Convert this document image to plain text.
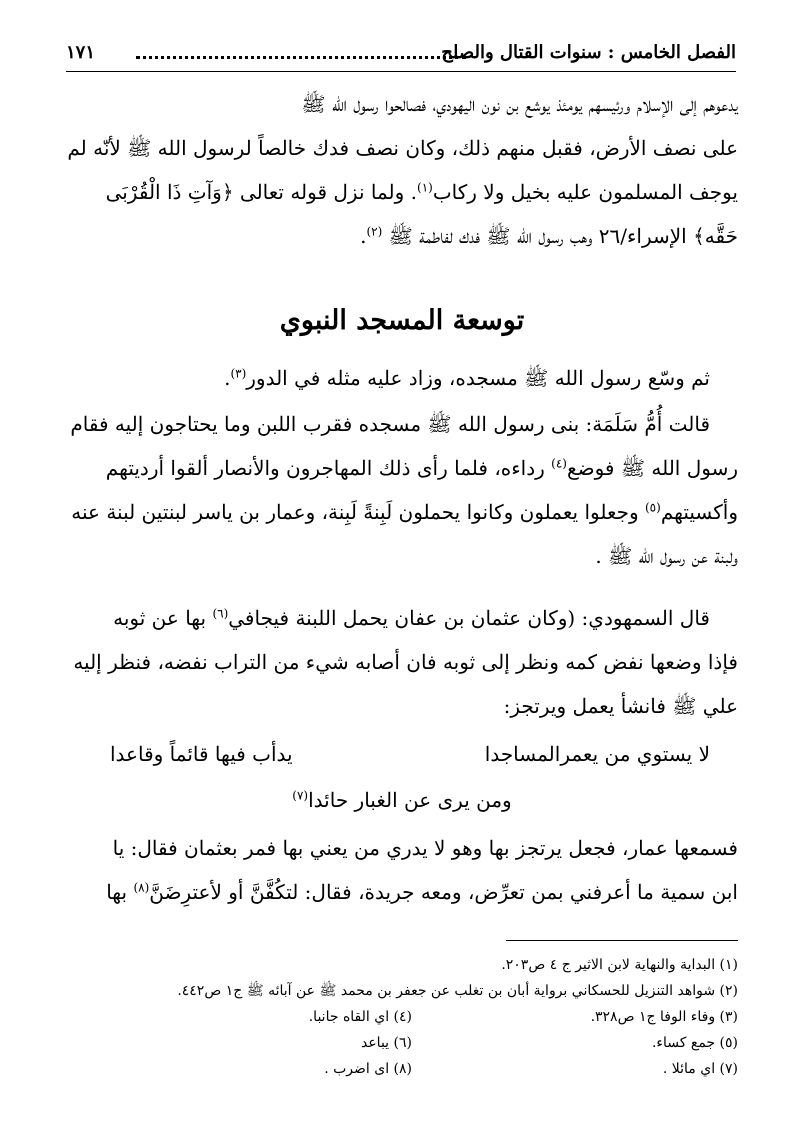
الفصل الخامس : سنوات القتال والصلح
١٧١
يدعوهم إلى الإسلام ورئيسهم يومئذ يوشع بن نون اليهودي، فصالحوا رسول الله ﷺ
على نصف الأرض، فقبل منهم ذلك، وكان نصف فدك خالصاً لرسول الله ﷺ لأنّه لم
يوجف المسلمون عليه بخيل ولا ركاب$^{(١)}$. ولما نزل قوله تعالى ﴿وَآتِ ذَا الْقُرْبَى
حَقَّه﴾ الإسراء/٢٦ وهب رسول الله ﷺ فدك لفاطمة ﷺ $^{(٢)}$.
توسعة المسجد النبوي
ثم وسّع رسول الله ﷺ مسجده، وزاد عليه مثله في الدور$^{(٣)}$.
قالت أُمُّ سَلَمَة: بنى رسول الله ﷺ مسجده فقرب اللبن وما يحتاجون إليه فقام
رسول الله ﷺ فوضع$^{(٤)}$ رداءه، فلما رأى ذلك المهاجرون والأنصار ألقوا أرديتهم
وأكسيتهم$^{(٥)}$ وجعلوا يعملون وكانوا يحملون لَبِنةً لَبِنة، وعمار بن ياسر لبنتين لبنة عنه
ولبنة عن رسول الله ﷺ .
قال السمهودي: (وكان عثمان بن عفان يحمل اللبنة فيجافي$^{(٦)}$ بها عن ثوبه
فإذا وضعها نفض كمه ونظر إلى ثوبه فان أصابه شيء من التراب نفضه، فنظر إليه
علي ﷺ فانشأ يعمل ويرتجز:
لا يستوي من يعمرالمساجدا
يدأب فيها قائماً وقاعدا
ومن يرى عن الغبار حائدا$^{(٧)}$
فسمعها عمار، فجعل يرتجز بها وهو لا يدري من يعني بها فمر بعثمان فقال: يا
ابن سمية ما أعرفني بمن تعرِّض، ومعه جريدة، فقال: لتكُفَّنَّ أو لأعترِضَنَّ$^{(٨)}$ بها
(١) البداية والنهاية لابن الاثير ج ٤ ص٢٠٣.
(٢) شواهد التنزيل للحسكاني برواية أبان بن تغلب عن جعفر بن محمد ﷺ عن آبائه ﷺ ج١ ص٤٤٢.
(٣) وفاء الوفا ج١ ص٣٢٨.
(٤) اي القاه جانبا.
(٥) جمع كساء.
(٦) يباعد
(٧) اي مائلا .
(٨) اى اضرب .
